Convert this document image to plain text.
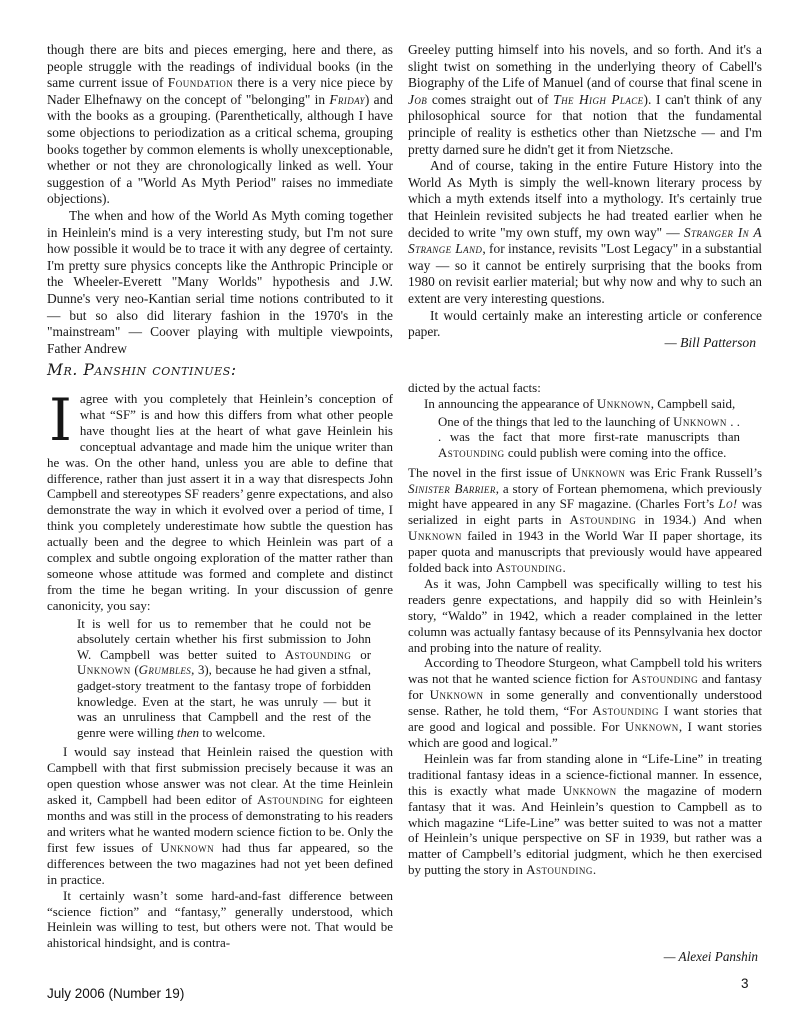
though there are bits and pieces emerging, here and there, as people struggle with the readings of individual books (in the same current issue of Foundation there is a very nice piece by Nader Elhefnawy on the concept of "belonging" in Friday) and with the books as a grouping. (Parenthetically, although I have some objections to periodization as a critical schema, grouping books together by common elements is wholly unexceptionable, whether or not they are chronologically linked as well. Your suggestion of a "World As Myth Period" raises no immediate objections).

The when and how of the World As Myth coming together in Heinlein's mind is a very interesting study, but I'm not sure how possible it would be to trace it with any degree of certainty. I'm pretty sure physics concepts like the Anthropic Principle or the Wheeler-Everett "Many Worlds" hypothesis and J.W. Dunne's very neo-Kantian serial time notions contributed to it — but so also did literary fashion in the 1970's in the "mainstream" — Coover playing with multiple viewpoints, Father Andrew

Greeley putting himself into his novels, and so forth. And it's a slight twist on something in the underlying theory of Cabell's Biography of the Life of Manuel (and of course that final scene in Job comes straight out of The High Place). I can't think of any philosophical source for that notion that the fundamental principle of reality is esthetics other than Nietzsche — and I'm pretty darned sure he didn't get it from Nietzsche.

And of course, taking in the entire Future History into the World As Myth is simply the well-known literary process by which a myth extends itself into a mythology. It's certainly true that Heinlein revisited subjects he had treated earlier when he decided to write "my own stuff, my own way" — Stranger In A Strange Land, for instance, revisits "Lost Legacy" in a substantial way — so it cannot be entirely surprising that the books from 1980 on revisit earlier material; but why now and why to such an extent are very interesting questions.

It would certainly make an interesting article or conference paper.

— Bill Patterson
Mr. Panshin continues:

Iagree with you completely that Heinlein’s conception of what “SF” is and how this differs from what other people have thought lies at the heart of what gave Heinlein his conceptual advantage and made him the unique writer than he was. On the other hand, unless you are able to define that difference, rather than just assert it in a way that disrespects John Campbell and stereotypes SF readers’ genre expectations, and also demonstrate the way in which it evolved over a period of time, I think you completely underestimate how subtle the question has actually been and the degree to which Heinlein was part of a complex and subtle ongoing exploration of the matter rather than someone whose attitude was formed and complete and distinct from the time he began writing. In your discussion of genre canonicity, you say:

It is well for us to remember that he could not be absolutely certain whether his first submission to John W. Campbell was better suited to Astounding or Unknown (Grumbles, 3), because he had given a stfnal, gadget-story treatment to the fantasy trope of forbidden knowledge. Even at the start, he was unruly — but it was an unruliness that Campbell and the rest of the genre were willing then to welcome.

I would say instead that Heinlein raised the question with Campbell with that first submission precisely because it was an open question whose answer was not clear. At the time Heinlein asked it, Campbell had been editor of Astounding for eighteen months and was still in the process of demonstrating to his readers and writers what he wanted modern science fiction to be. Only the first few issues of Unknown had thus far appeared, so the differences between the two magazines had not yet been defined in practice.

It certainly wasn’t some hard-and-fast difference between “science fiction” and “fantasy,” generally understood, which Heinlein was willing to test, but others were not. That would be ahistorical hindsight, and is contra-

dicted by the actual facts:

In announcing the appearance of Unknown, Campbell said,

One of the things that led to the launching of Unknown . . . was the fact that more first-rate manuscripts than Astounding could publish were coming into the office.

The novel in the first issue of Unknown was Eric Frank Russell’s Sinister Barrier, a story of Fortean phemomena, which previously might have appeared in any SF magazine. (Charles Fort’s Lo! was serialized in eight parts in Astounding in 1934.) And when Unknown failed in 1943 in the World War II paper shortage, its paper quota and manuscripts that previously would have appeared folded back into Astounding.

As it was, John Campbell was specifically willing to test his readers genre expectations, and happily did so with Heinlein’s story, “Waldo” in 1942, which a reader complained in the letter column was actually fantasy because of its Pennsylvania hex doctor and probing into the nature of reality.

According to Theodore Sturgeon, what Campbell told his writers was not that he wanted science fiction for Astounding and fantasy for Unknown in some generally and conventionally understood sense. Rather, he told them, “For Astounding I want stories that are good and logical and possible. For Unknown, I want stories which are good and logical.”

Heinlein was far from standing alone in “Life-Line” in treating traditional fantasy ideas in a science-fictional manner. In essence, this is exactly what made Unknown the magazine of modern fantasy that it was. And Heinlein’s question to Campbell as to which magazine “Life-Line” was better suited to was not a matter of Heinlein’s unique perspective on SF in 1939, but rather was a matter of Campbell’s editorial judgment, which he then exercised by putting the story in Astounding.

— Alexei Panshin
July 2006 (Number 19)
3
